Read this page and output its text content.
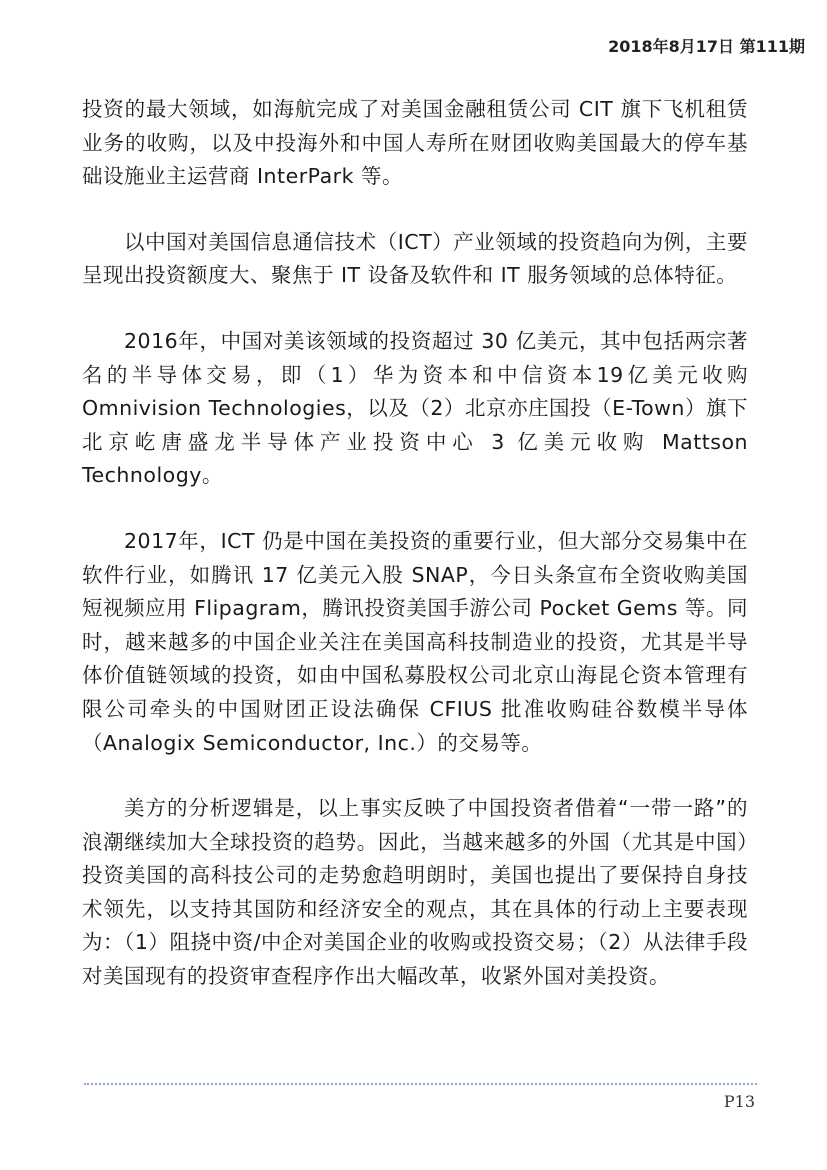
2018年8月17日 第111期

投资的最大领域，如海航完成了对美国金融租赁公司 CIT 旗下飞机租赁业务的收购，以及中投海外和中国人寿所在财团收购美国最大的停车基础设施业主运营商 InterPark 等。

以中国对美国信息通信技术（ICT）产业领域的投资趋向为例，主要呈现出投资额度大、聚焦于 IT 设备及软件和 IT 服务领域的总体特征。

2016年，中国对美该领域的投资超过 30 亿美元，其中包括两宗著名的半导体交易，即（1）华为资本和中信资本19亿美元收购 Omnivision Technologies，以及（2）北京亦庄国投（E-Town）旗下北京屹唐盛龙半导体产业投资中心 3 亿美元收购 Mattson Technology。

2017年，ICT 仍是中国在美投资的重要行业，但大部分交易集中在软件行业，如腾讯 17 亿美元入股 SNAP，今日头条宣布全资收购美国短视频应用 Flipagram，腾讯投资美国手游公司 Pocket Gems 等。同时，越来越多的中国企业关注在美国高科技制造业的投资，尤其是半导体价值链领域的投资，如由中国私募股权公司北京山海昆仑资本管理有限公司牵头的中国财团正设法确保 CFIUS 批准收购硅谷数模半导体（Analogix Semiconductor, Inc.）的交易等。

美方的分析逻辑是，以上事实反映了中国投资者借着“一带一路”的浪潮继续加大全球投资的趋势。因此，当越来越多的外国（尤其是中国）投资美国的高科技公司的走势愈趋明朗时，美国也提出了要保持自身技术领先，以支持其国防和经济安全的观点，其在具体的行动上主要表现为：（1）阻挠中资/中企对美国企业的收购或投资交易；（2）从法律手段对美国现有的投资审查程序作出大幅改革，收紧外国对美投资。

P13
